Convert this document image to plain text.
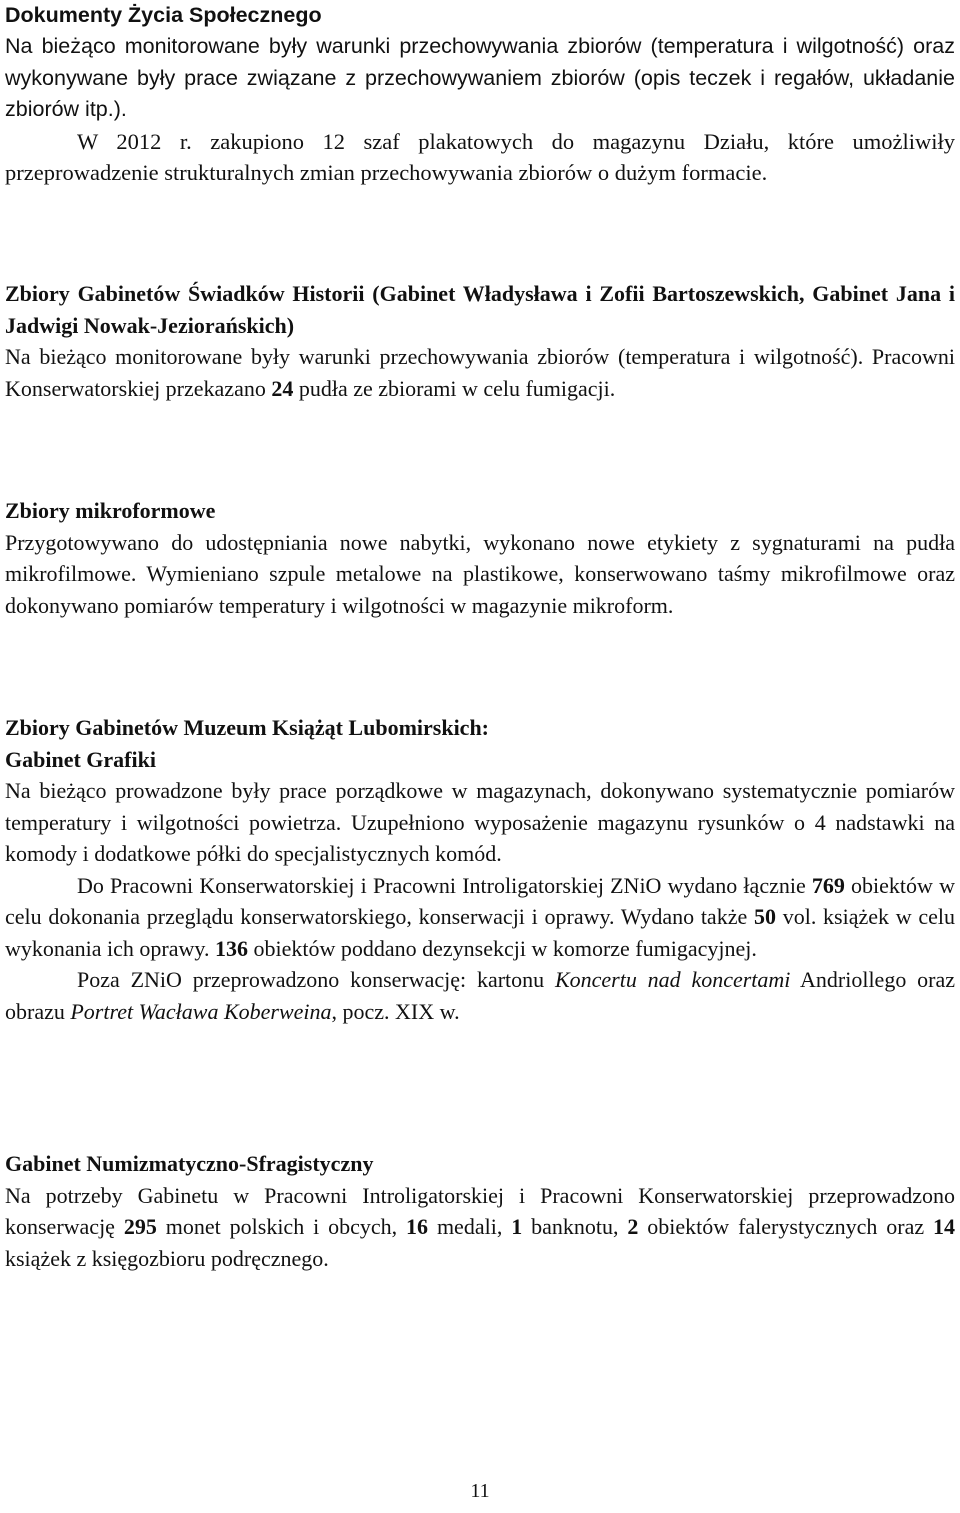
Dokumenty Życia Społecznego

Na bieżąco monitorowane były warunki przechowywania zbiorów (temperatura i wilgotność) oraz wykonywane były prace związane z przechowywaniem zbiorów (opis teczek i regałów, układanie zbiorów itp.).

W 2012 r. zakupiono 12 szaf plakatowych do magazynu Działu, które umożliwiły przeprowadzenie strukturalnych zmian przechowywania zbiorów o dużym formacie.

Zbiory Gabinetów Świadków Historii (Gabinet Władysława i Zofii Bartoszewskich, Gabinet Jana i Jadwigi Nowak-Jeziorańskich)

Na bieżąco monitorowane były warunki przechowywania zbiorów (temperatura i wilgotność). Pracowni Konserwatorskiej przekazano 24 pudła ze zbiorami w celu fumigacji.

Zbiory mikroformowe

Przygotowywano do udostępniania nowe nabytki, wykonano nowe etykiety z sygnaturami na pudła mikrofilmowe. Wymieniano szpule metalowe na plastikowe, konserwowano taśmy mikrofilmowe oraz dokonywano pomiarów temperatury i wilgotności w magazynie mikroform.

Zbiory Gabinetów Muzeum Książąt Lubomirskich:

Gabinet Grafiki

Na bieżąco prowadzone były prace porządkowe w magazynach, dokonywano systematycznie pomiarów temperatury i wilgotności powietrza. Uzupełniono wyposażenie magazynu rysunków o 4 nadstawki na komody i dodatkowe półki do specjalistycznych komód.

Do Pracowni Konserwatorskiej i Pracowni Introligatorskiej ZNiO wydano łącznie 769 obiektów w celu dokonania przeglądu konserwatorskiego, konserwacji i oprawy. Wydano także 50 vol. książek w celu wykonania ich oprawy. 136 obiektów poddano dezynsekcji w komorze fumigacyjnej.

Poza ZNiO przeprowadzono konserwację: kartonu Koncertu nad koncertami Andriollego oraz obrazu Portret Wacława Koberweina, pocz. XIX w.

Gabinet Numizmatyczno-Sfragistyczny

Na potrzeby Gabinetu w Pracowni Introligatorskiej i Pracowni Konserwatorskiej przeprowadzono konserwację 295 monet polskich i obcych, 16 medali, 1 banknotu, 2 obiektów falerystycznych oraz 14 książek z księgozbioru podręcznego.

11
